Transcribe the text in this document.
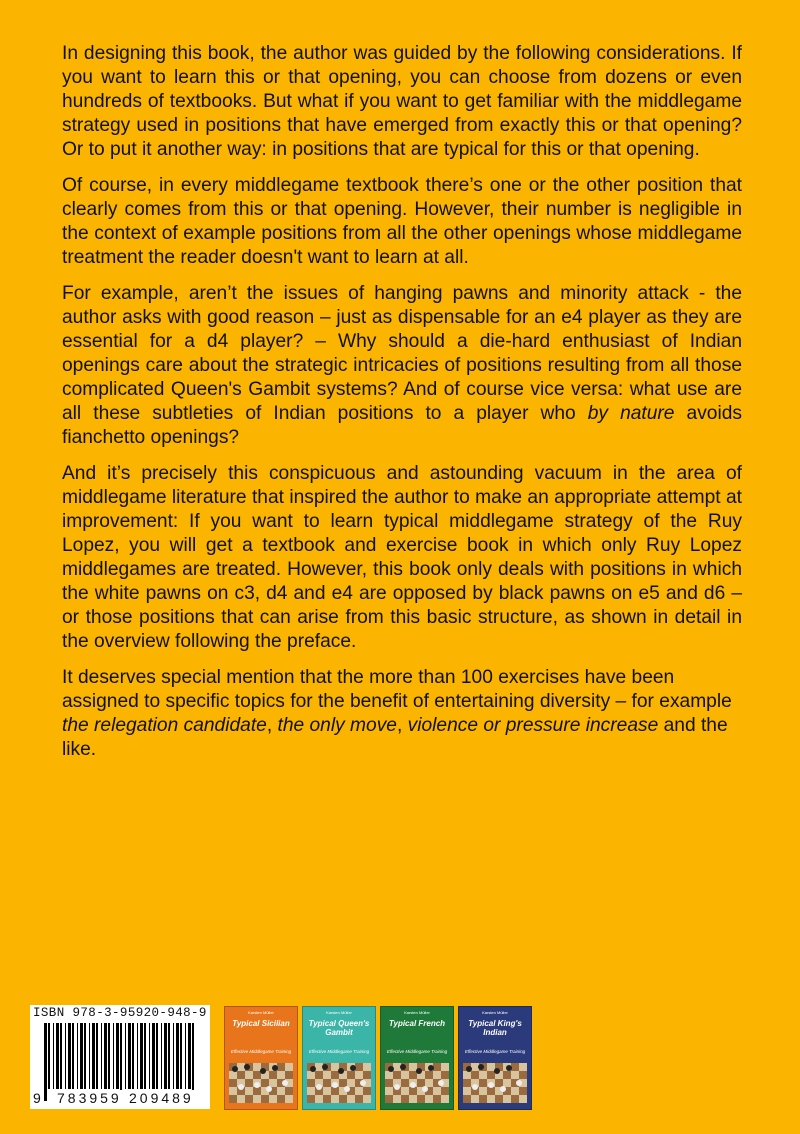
In designing this book, the author was guided by the following considerations. If you want to learn this or that opening, you can choose from dozens or even hundreds of textbooks. But what if you want to get familiar with the middlegame strategy used in positions that have emerged from exactly this or that opening? Or to put it another way: in positions that are typical for this or that opening.

Of course, in every middlegame textbook there’s one or the other position that clearly comes from this or that opening. However, their number is negligible in the context of example positions from all the other openings whose middlegame treatment the reader doesn't want to learn at all.

For example, aren’t the issues of hanging pawns and minority attack - the author asks with good reason – just as dispensable for an e4 player as they are essential for a d4 player? – Why should a die-hard enthusiast of Indian openings care about the strategic intricacies of positions resulting from all those complicated Queen's Gambit systems? And of course vice versa: what use are all these subtleties of Indian positions to a player who by nature avoids fianchetto openings?

And it’s precisely this conspicuous and astounding vacuum in the area of middlegame literature that inspired the author to make an appropriate attempt at improvement: If you want to learn typical middlegame strategy of the Ruy Lopez, you will get a textbook and exercise book in which only Ruy Lopez middlegames are treated. However, this book only deals with positions in which the white pawns on c3, d4 and e4 are opposed by black pawns on e5 and d6 – or those positions that can arise from this basic structure, as shown in detail in the overview following the preface.

It deserves special mention that the more than 100 exercises have been assigned to specific topics for the benefit of entertaining diversity – for example the relegation candidate, the only move, violence or pressure increase and the like.

ISBN 978-3-95920-948-9
9 783959 209489
Karsten Müller
Typical Sicilian
Effective Middlegame Training
Karsten Müller
Typical Queen's Gambit
Effective Middlegame Training
Karsten Müller
Typical French
Effective Middlegame Training
Karsten Müller
Typical King's Indian
Effective Middlegame Training
